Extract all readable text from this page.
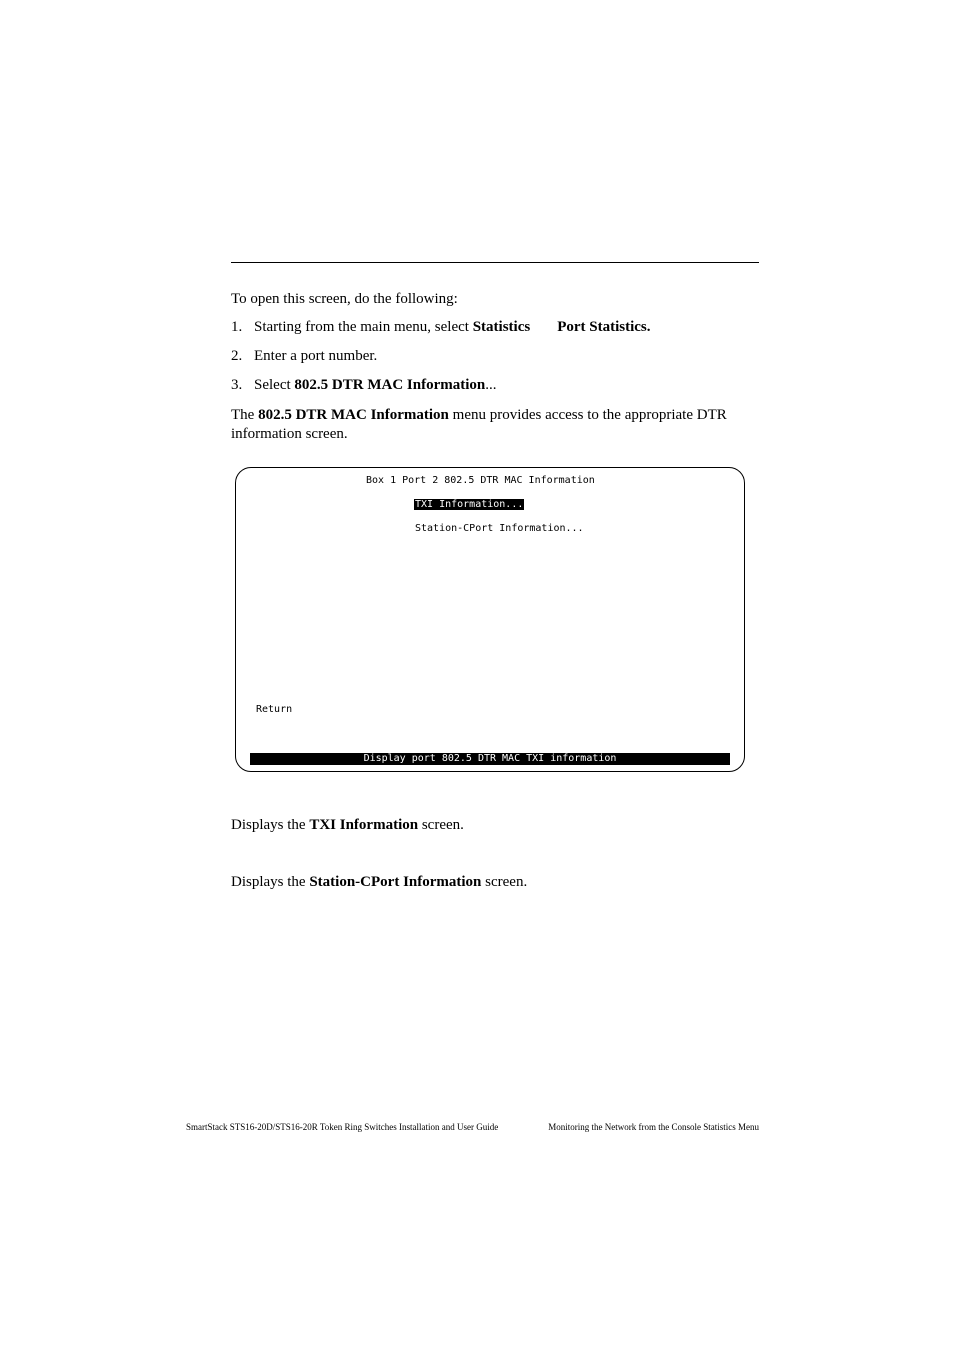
To open this screen, do the following:
1. Starting from the main menu, select Statistics Port Statistics.
2. Enter a port number.
3. Select 802.5 DTR MAC Information...
The 802.5 DTR MAC Information menu provides access to the appropriate DTR
information screen.
Box 1 Port 2 802.5 DTR MAC Information
TXI Information...
Station-CPort Information...
Return
Display port 802.5 DTR MAC TXI information
Displays the TXI Information screen.
Displays the Station-CPort Information screen.
SmartStack STS16-20D/STS16-20R Token Ring Switches Installation and User Guide	Monitoring the Network from the Console Statistics Menu
